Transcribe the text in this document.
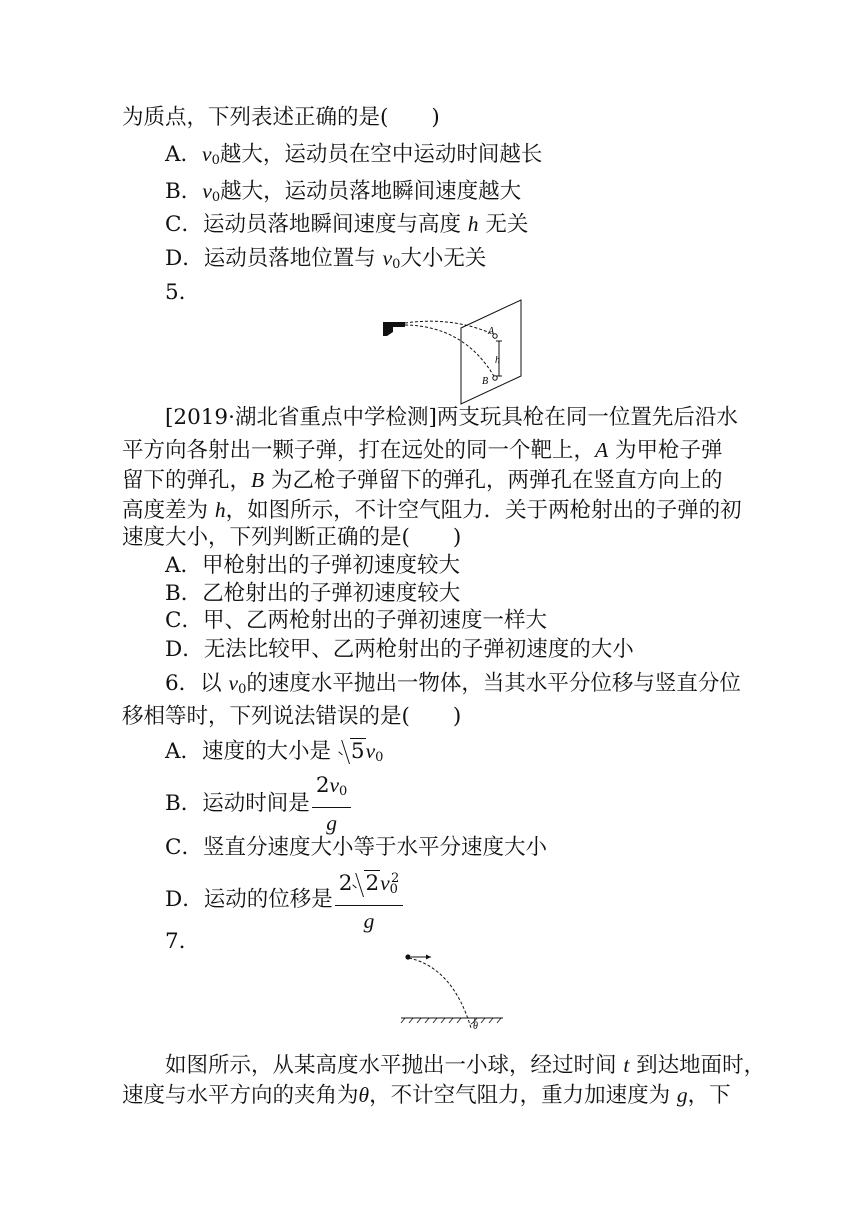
为质点，下列表述正确的是(　　)
A．$v_0$越大，运动员在空中运动时间越长
B．$v_0$越大，运动员落地瞬间速度越大
C．运动员落地瞬间速度与高度 h 无关
D．运动员落地位置与 $v_0$大小无关
5.
A
h
B
[2019·湖北省重点中学检测]两支玩具枪在同一位置先后沿水
平方向各射出一颗子弹，打在远处的同一个靶上，A 为甲枪子弹
留下的弹孔，B 为乙枪子弹留下的弹孔，两弹孔在竖直方向上的
高度差为 h，如图所示，不计空气阻力．关于两枪射出的子弹的初
速度大小，下列判断正确的是(　　)
A．甲枪射出的子弹初速度较大
B．乙枪射出的子弹初速度较大
C．甲、乙两枪射出的子弹初速度一样大
D．无法比较甲、乙两枪射出的子弹初速度的大小
6．以 $v_0$的速度水平抛出一物体，当其水平分位移与竖直分位
移相等时，下列说法错误的是(　　)
A．速度的大小是 $5v_0$
B．运动时间是 $\frac{2v_0}{g}$
C．竖直分速度大小等于水平分速度大小
D．运动的位移是 $\frac{2 2v_0^2}{g}$
7.
θ
如图所示，从某高度水平抛出一小球，经过时间 t 到达地面时，
速度与水平方向的夹角为θ，不计空气阻力，重力加速度为 g，下
